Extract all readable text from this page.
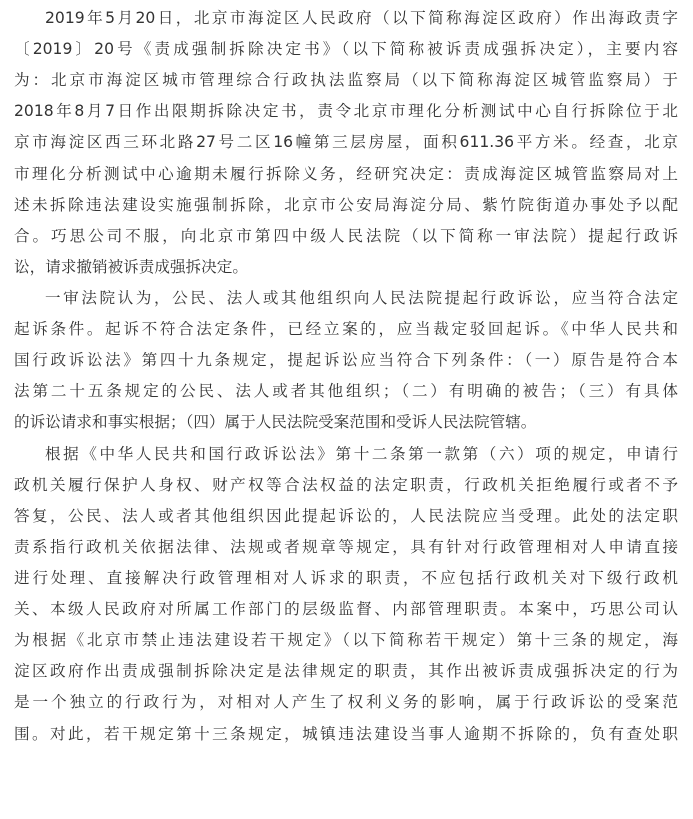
2019年5月20日，北京市海淀区人民政府（以下简称海淀区政府）作出海政责字
〔2019〕20号《责成强制拆除决定书》（以下简称被诉责成强拆决定），主要内容
为：北京市海淀区城市管理综合行政执法监察局（以下简称海淀区城管监察局）于
2018年8月7日作出限期拆除决定书，责令北京市理化分析测试中心自行拆除位于北
京市海淀区西三环北路27号二区16幢第三层房屋，面积611.36平方米。经查，北京
市理化分析测试中心逾期未履行拆除义务，经研究决定：责成海淀区城管监察局对上
述未拆除违法建设实施强制拆除，北京市公安局海淀分局、紫竹院街道办事处予以配
合。巧思公司不服，向北京市第四中级人民法院（以下简称一审法院）提起行政诉
讼，请求撤销被诉责成强拆决定。
一审法院认为，公民、法人或其他组织向人民法院提起行政诉讼，应当符合法定
起诉条件。起诉不符合法定条件，已经立案的，应当裁定驳回起诉。《中华人民共和
国行政诉讼法》第四十九条规定，提起诉讼应当符合下列条件：（一）原告是符合本
法第二十五条规定的公民、法人或者其他组织；（二）有明确的被告；（三）有具体
的诉讼请求和事实根据；（四）属于人民法院受案范围和受诉人民法院管辖。
根据《中华人民共和国行政诉讼法》第十二条第一款第（六）项的规定，申请行
政机关履行保护人身权、财产权等合法权益的法定职责，行政机关拒绝履行或者不予
答复，公民、法人或者其他组织因此提起诉讼的，人民法院应当受理。此处的法定职
责系指行政机关依据法律、法规或者规章等规定，具有针对行政管理相对人申请直接
进行处理、直接解决行政管理相对人诉求的职责，不应包括行政机关对下级行政机
关、本级人民政府对所属工作部门的层级监督、内部管理职责。本案中，巧思公司认
为根据《北京市禁止违法建设若干规定》（以下简称若干规定）第十三条的规定，海
淀区政府作出责成强制拆除决定是法律规定的职责，其作出被诉责成强拆决定的行为
是一个独立的行政行为，对相对人产生了权利义务的影响，属于行政诉讼的受案范
围。对此，若干规定第十三条规定，城镇违法建设当事人逾期不拆除的，负有查处职
